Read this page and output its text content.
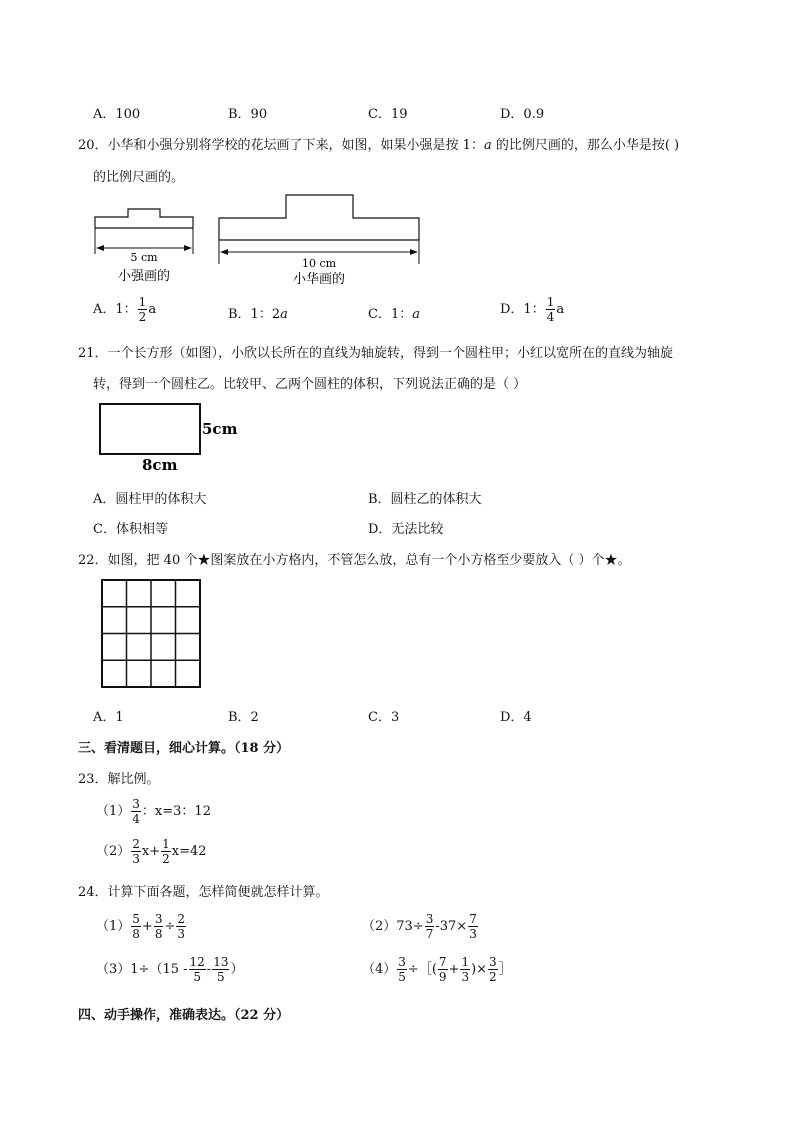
A．100	B．90	C．19	D．0.9
20．小华和小强分别将学校的花坛画了下来，如图，如果小强是按 1：a 的比例尺画的，那么小华是按( )
的比例尺画的。
5 cm
小强画的
10 cm
小华画的
A．1： $\frac{1}{2}$ a	B．1：2a	C．1：a	D．1： $\frac{1}{4}$ a
21．一个长方形（如图），小欣以长所在的直线为轴旋转，得到一个圆柱甲；小红以宽所在的直线为轴旋
转，得到一个圆柱乙。比较甲、乙两个圆柱的体积，下列说法正确的是（ ）
5cm
8cm
A．圆柱甲的体积大	B．圆柱乙的体积大
C．体积相等	D．无法比较
22．如图，把 40 个★图案放在小方格内，不管怎么放，总有一个小方格至少要放入（ ）个★。
A．1	B．2	C．3	D．4
三、看清题目，细心计算。（18 分）
23．解比例。
$(1) \frac{3}{4}$ ：x=3：12
$(2) \frac{2}{3} x+ \frac{1}{2} x=42$
24．计算下面各题，怎样简便就怎样计算。
$(1) \frac{5}{8} + \frac{3}{8} \div \frac{2}{3}$	$(2)73\div \frac{3}{7} -37\times \frac{7}{3}$
$(3)1\div(15 - \frac{12}{5} - \frac{13}{5}$ ）	$(4) \frac{3}{5}$ ÷［( $\frac{7}{9} + \frac{1}{3}$ )× $\frac{3}{2}$ ］
四、动手操作，准确表达。（22 分）
